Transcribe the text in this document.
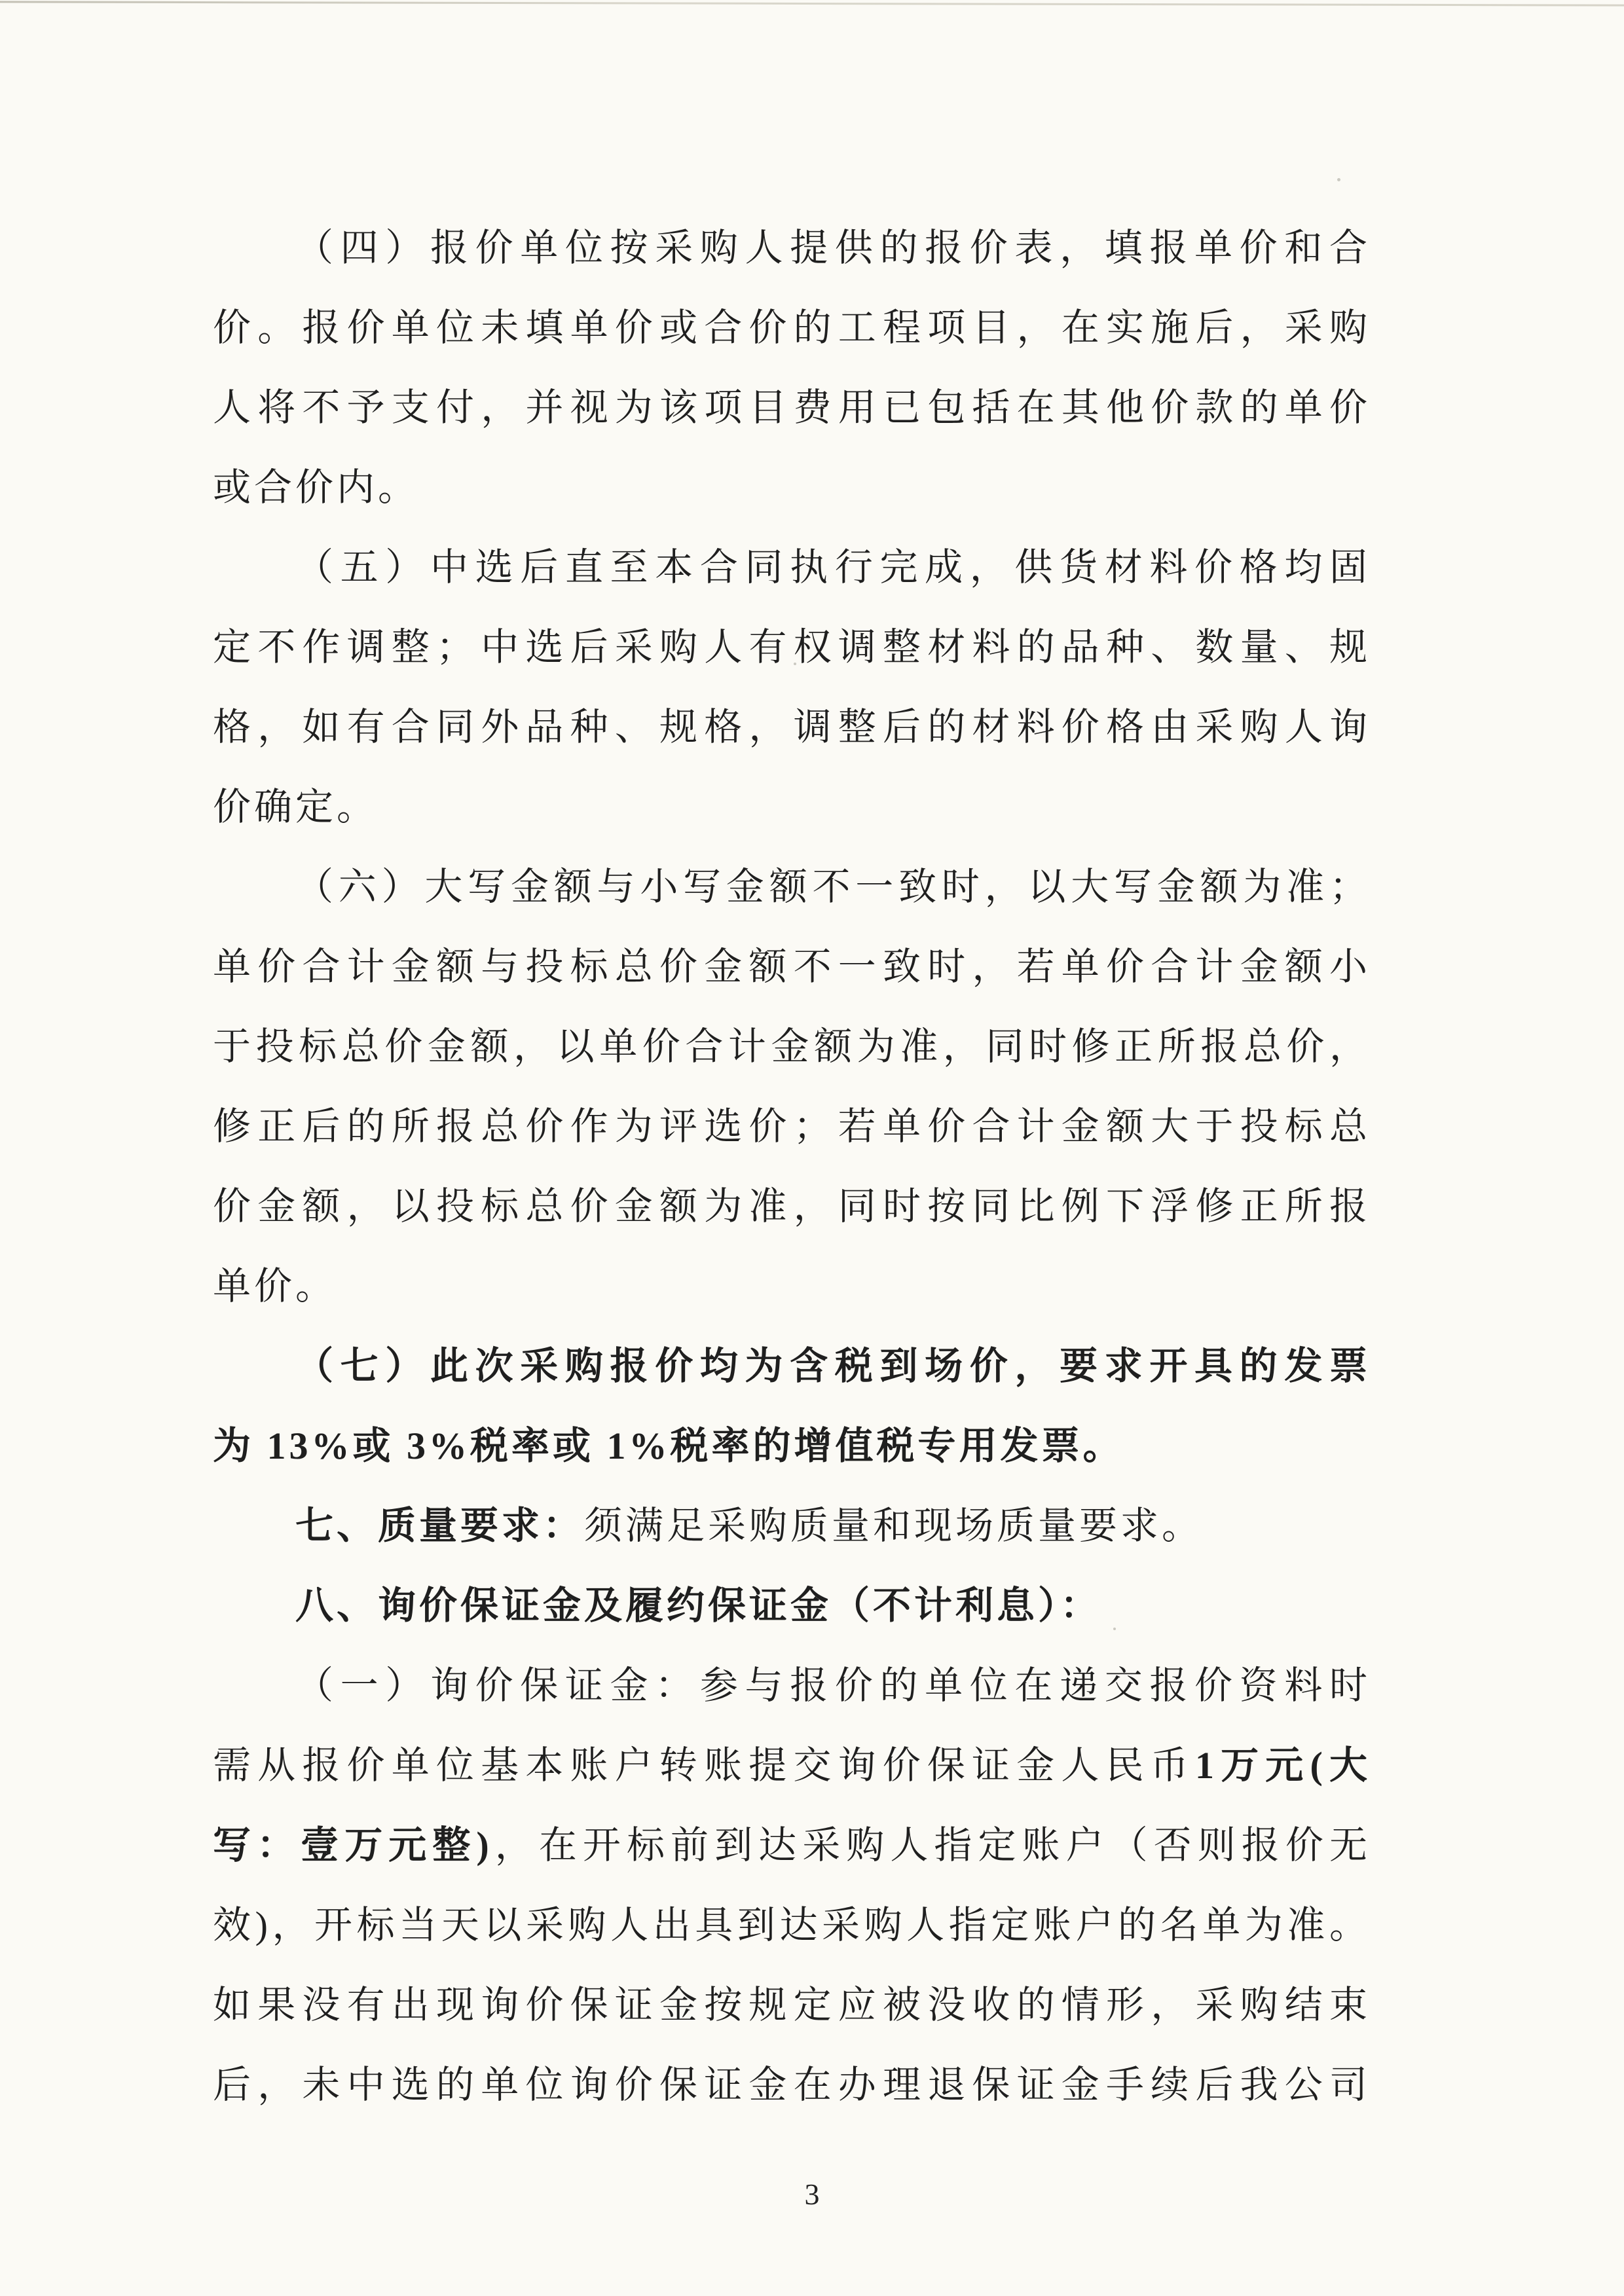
（四）报价单位按采购人提供的报价表，填报单价和合

价。报价单位未填单价或合价的工程项目，在实施后，采购

人将不予支付，并视为该项目费用已包括在其他价款的单价

或合价内。

（五）中选后直至本合同执行完成，供货材料价格均固

定不作调整；中选后采购人有权调整材料的品种、数量、规

格，如有合同外品种、规格，调整后的材料价格由采购人询

价确定。

（六）大写金额与小写金额不一致时，以大写金额为准；

单价合计金额与投标总价金额不一致时，若单价合计金额小

于投标总价金额，以单价合计金额为准，同时修正所报总价，

修正后的所报总价作为评选价；若单价合计金额大于投标总

价金额，以投标总价金额为准，同时按同比例下浮修正所报

单价。

（七）此次采购报价均为含税到场价，要求开具的发票

为 13%或 3%税率或 1%税率的增值税专用发票。

七、质量要求：须满足采购质量和现场质量要求。

八、询价保证金及履约保证金（不计利息）：

（一）询价保证金：参与报价的单位在递交报价资料时

需从报价单位基本账户转账提交询价保证金人民币1万元(大

写：壹万元整)，在开标前到达采购人指定账户（否则报价无

效)，开标当天以采购人出具到达采购人指定账户的名单为准。

如果没有出现询价保证金按规定应被没收的情形，采购结束

后，未中选的单位询价保证金在办理退保证金手续后我公司

3
